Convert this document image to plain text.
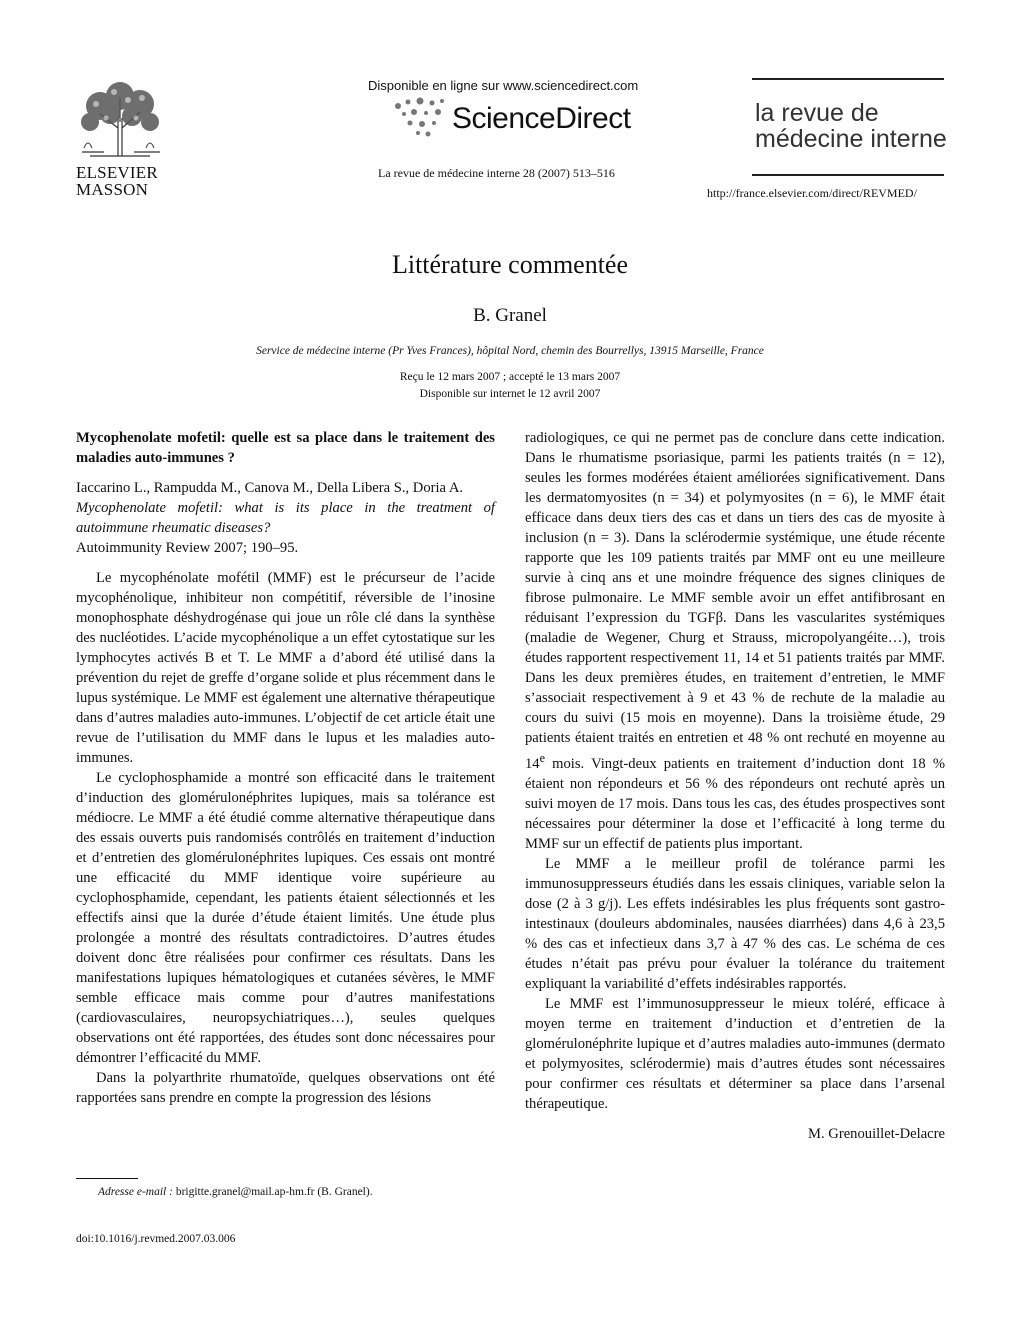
ELSEVIER
MASSON
Disponible en ligne sur www.sciencedirect.com
ScienceDirect
La revue de médecine interne 28 (2007) 513–516
la revue de
médecine interne
http://france.elsevier.com/direct/REVMED/
Littérature commentée
B. Granel
Service de médecine interne (Pr Yves Frances), hôpital Nord, chemin des Bourrellys, 13915 Marseille, France
Reçu le 12 mars 2007 ; accepté le 13 mars 2007
Disponible sur internet le 12 avril 2007

Mycophenolate mofetil: quelle est sa place dans le traitement des maladies auto-immunes ?

Iaccarino L., Rampudda M., Canova M., Della Libera S., Doria A.

Mycophenolate mofetil: what is its place in the treatment of autoimmune rheumatic diseases?

Autoimmunity Review 2007; 190–95.

Le mycophénolate mofétil (MMF) est le précurseur de l’acide mycophénolique, inhibiteur non compétitif, réversible de l’inosine monophosphate déshydrogénase qui joue un rôle clé dans la synthèse des nucléotides. L’acide mycophénolique a un effet cytostatique sur les lymphocytes activés B et T. Le MMF a d’abord été utilisé dans la prévention du rejet de greffe d’organe solide et plus récemment dans le lupus systémique. Le MMF est également une alternative thérapeutique dans d’autres maladies auto-immunes. L’objectif de cet article était une revue de l’utilisation du MMF dans le lupus et les maladies auto-immunes.

Le cyclophosphamide a montré son efficacité dans le traitement d’induction des glomérulonéphrites lupiques, mais sa tolérance est médiocre. Le MMF a été étudié comme alternative thérapeutique dans des essais ouverts puis randomisés contrôlés en traitement d’induction et d’entretien des glomérulonéphrites lupiques. Ces essais ont montré une efficacité du MMF identique voire supérieure au cyclophosphamide, cependant, les patients étaient sélectionnés et les effectifs ainsi que la durée d’étude étaient limités. Une étude plus prolongée a montré des résultats contradictoires. D’autres études doivent donc être réalisées pour confirmer ces résultats. Dans les manifestations lupiques hématologiques et cutanées sévères, le MMF semble efficace mais comme pour d’autres manifestations (cardiovasculaires, neuropsychiatriques…), seules quelques observations ont été rapportées, des études sont donc nécessaires pour démontrer l’efficacité du MMF.

Dans la polyarthrite rhumatoïde, quelques observations ont été rapportées sans prendre en compte la progression des lésions

radiologiques, ce qui ne permet pas de conclure dans cette indication. Dans le rhumatisme psoriasique, parmi les patients traités (n = 12), seules les formes modérées étaient améliorées significativement. Dans les dermatomyosites (n = 34) et polymyosites (n = 6), le MMF était efficace dans deux tiers des cas et dans un tiers des cas de myosite à inclusion (n = 3). Dans la sclérodermie systémique, une étude récente rapporte que les 109 patients traités par MMF ont eu une meilleure survie à cinq ans et une moindre fréquence des signes cliniques de fibrose pulmonaire. Le MMF semble avoir un effet antifibrosant en réduisant l’expression du TGFβ. Dans les vascularites systémiques (maladie de Wegener, Churg et Strauss, micropolyangéite…), trois études rapportent respectivement 11, 14 et 51 patients traités par MMF. Dans les deux premières études, en traitement d’entretien, le MMF s’associait respectivement à 9 et 43 % de rechute de la maladie au cours du suivi (15 mois en moyenne). Dans la troisième étude, 29 patients étaient traités en entretien et 48 % ont rechuté en moyenne au 14e mois. Vingt-deux patients en traitement d’induction dont 18 % étaient non répondeurs et 56 % des répondeurs ont rechuté après un suivi moyen de 17 mois. Dans tous les cas, des études prospectives sont nécessaires pour déterminer la dose et l’efficacité à long terme du MMF sur un effectif de patients plus important.

Le MMF a le meilleur profil de tolérance parmi les immunosuppresseurs étudiés dans les essais cliniques, variable selon la dose (2 à 3 g/j). Les effets indésirables les plus fréquents sont gastro-intestinaux (douleurs abdominales, nausées diarrhées) dans 4,6 à 23,5 % des cas et infectieux dans 3,7 à 47 % des cas. Le schéma de ces études n’était pas prévu pour évaluer la tolérance du traitement expliquant la variabilité d’effets indésirables rapportés.

Le MMF est l’immunosuppresseur le mieux toléré, efficace à moyen terme en traitement d’induction et d’entretien de la glomérulonéphrite lupique et d’autres maladies auto-immunes (dermato et polymyosites, sclérodermie) mais d’autres études sont nécessaires pour confirmer ces résultats et déterminer sa place dans l’arsenal thérapeutique.

M. Grenouillet-Delacre

Adresse e-mail : brigitte.granel@mail.ap-hm.fr (B. Granel).
doi:10.1016/j.revmed.2007.03.006
